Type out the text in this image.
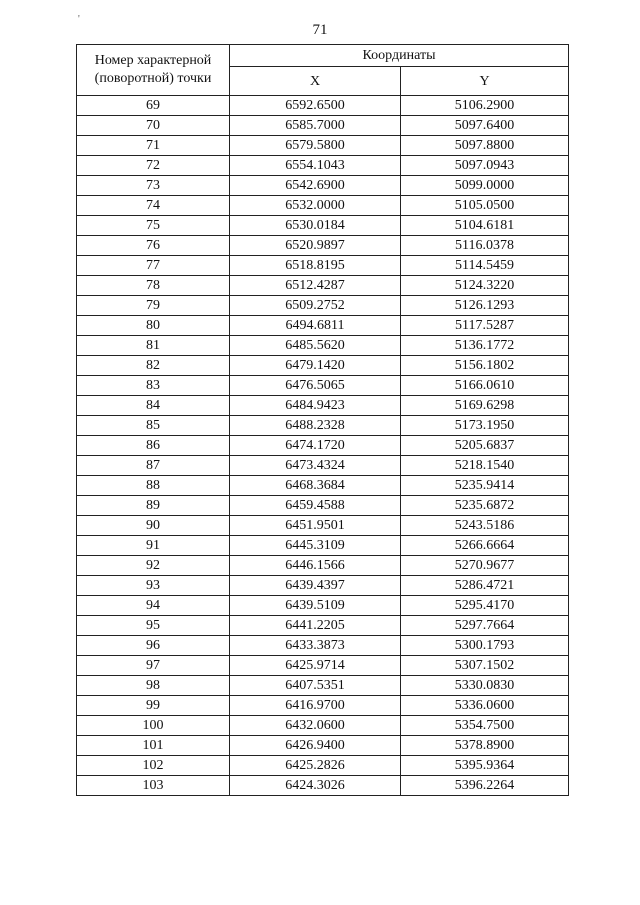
'
71
Номер характерной (поворотной) точки	Координаты	
	X	Y
69	6592.6500	5106.2900
70	6585.7000	5097.6400
71	6579.5800	5097.8800
72	6554.1043	5097.0943
73	6542.6900	5099.0000
74	6532.0000	5105.0500
75	6530.0184	5104.6181
76	6520.9897	5116.0378
77	6518.8195	5114.5459
78	6512.4287	5124.3220
79	6509.2752	5126.1293
80	6494.6811	5117.5287
81	6485.5620	5136.1772
82	6479.1420	5156.1802
83	6476.5065	5166.0610
84	6484.9423	5169.6298
85	6488.2328	5173.1950
86	6474.1720	5205.6837
87	6473.4324	5218.1540
88	6468.3684	5235.9414
89	6459.4588	5235.6872
90	6451.9501	5243.5186
91	6445.3109	5266.6664
92	6446.1566	5270.9677
93	6439.4397	5286.4721
94	6439.5109	5295.4170
95	6441.2205	5297.7664
96	6433.3873	5300.1793
97	6425.9714	5307.1502
98	6407.5351	5330.0830
99	6416.9700	5336.0600
100	6432.0600	5354.7500
101	6426.9400	5378.8900
102	6425.2826	5395.9364
103	6424.3026	5396.2264
